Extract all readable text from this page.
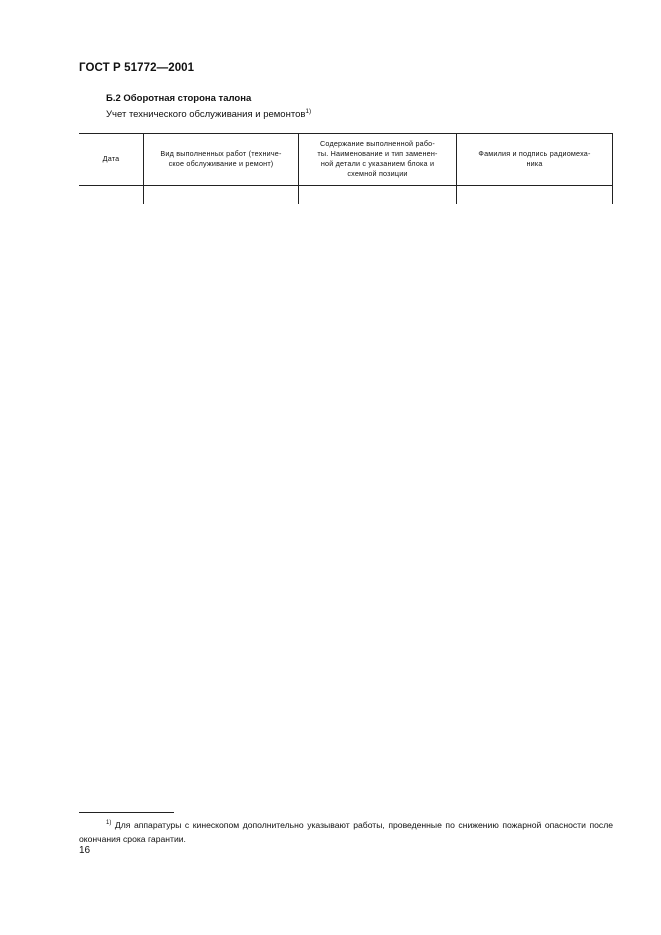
ГОСТ Р 51772—2001
Б.2 Оборотная сторона талона
Учет технического обслуживания и ремонтов$^{1)}$
Дата
Вид выполненных работ (техниче-
ское обслуживание и ремонт)
Содержание выполненной рабо-
ты. Наименование и тип заменен-
ной детали с указанием блока и
схемной позиции
Фамилия и подпись радиомеха-
ника
$^{1)}$ Для аппаратуры с кинескопом дополнительно указывают работы, проведенные по снижению пожарной опасности после окончания срока гарантии.
16
